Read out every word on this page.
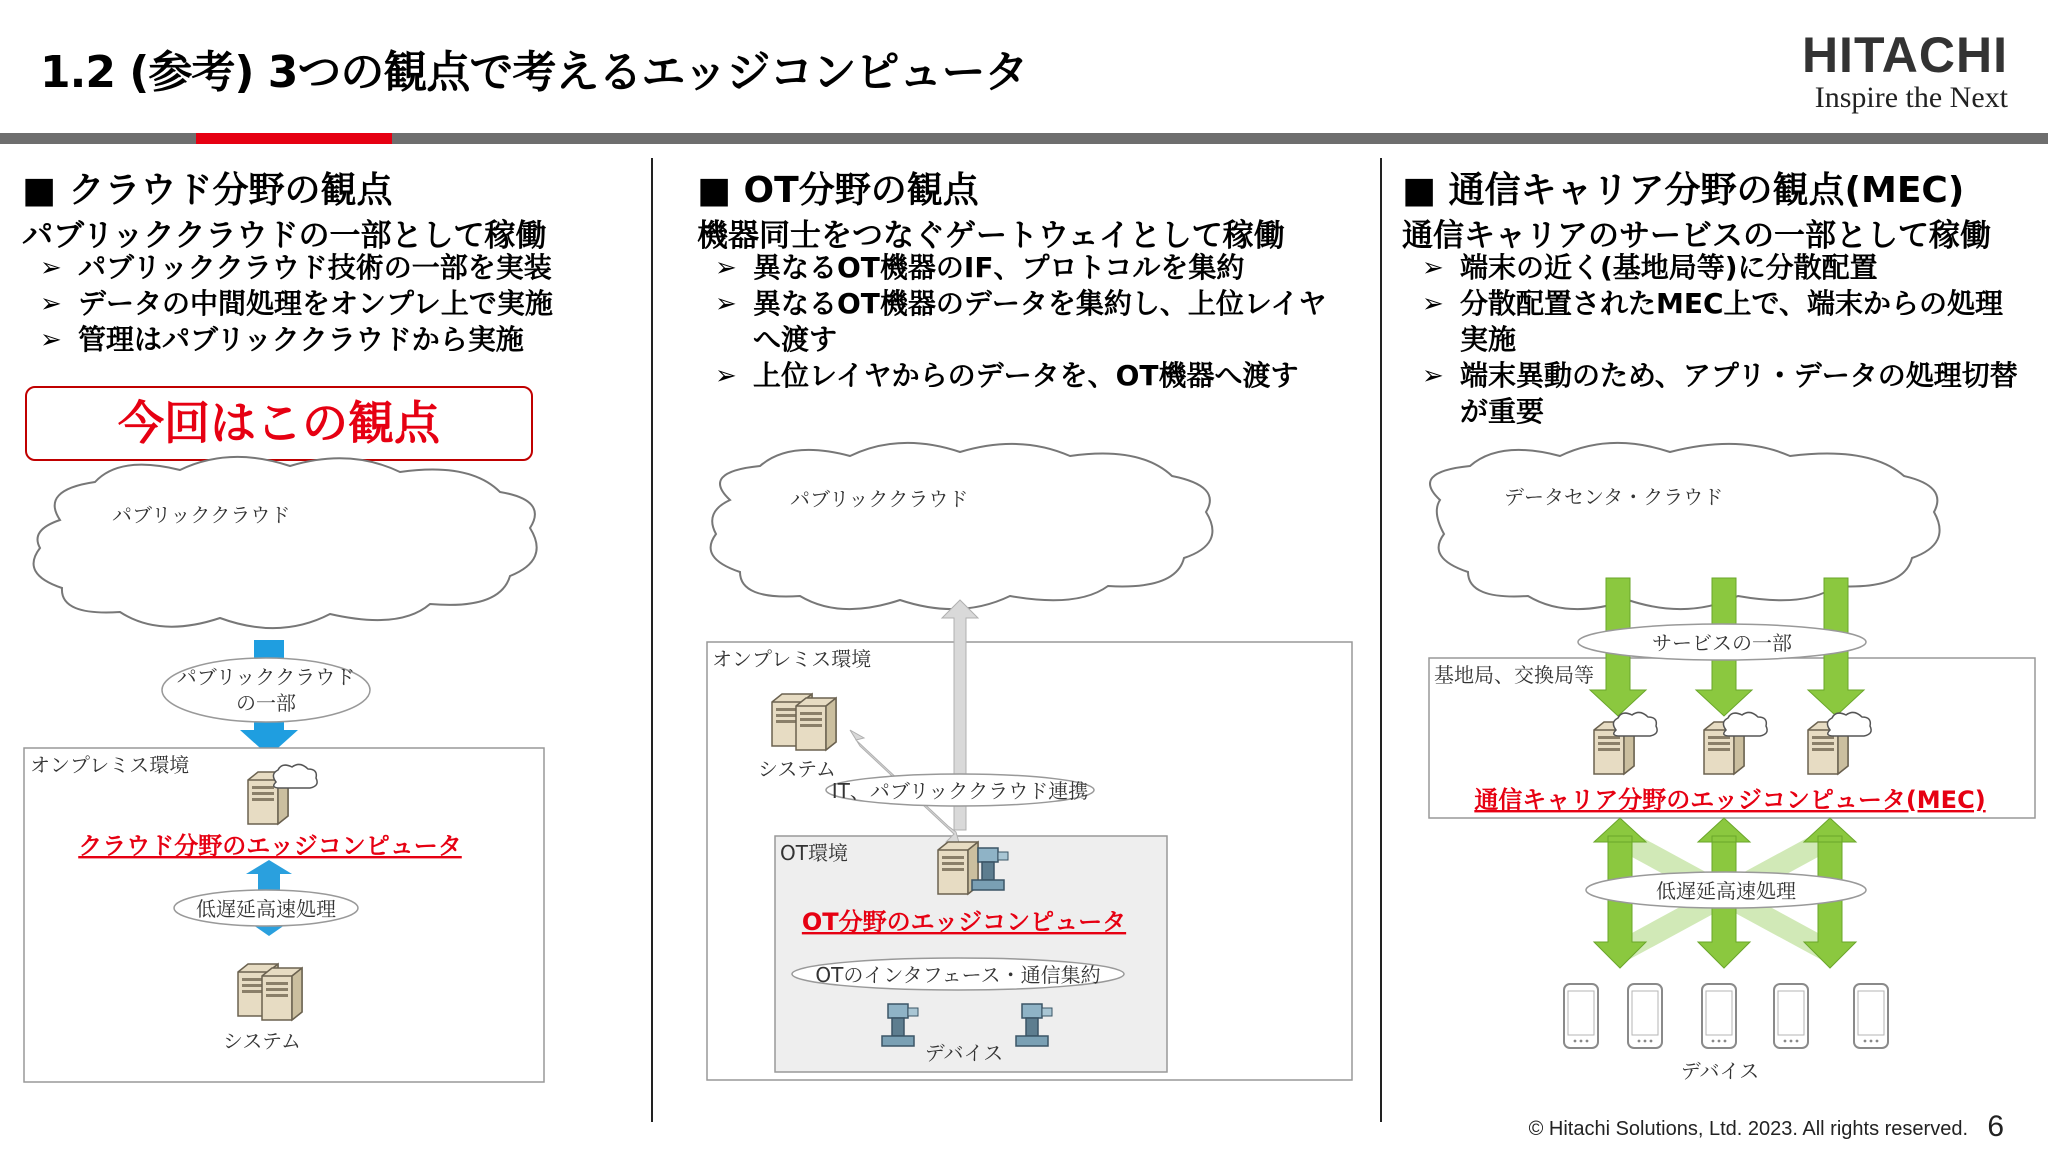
1.2 (参考) 3つの観点で考えるエッジコンピュータ	HITACHI
Inspire the Next
■ クラウド分野の観点
パブリッククラウドの一部として稼働
➢ パブリッククラウド技術の一部を実装
➢ データの中間処理をオンプレ上で実施
➢ 管理はパブリッククラウドから実施
今回はこの観点
■ OT分野の観点
機器同士をつなぐゲートウェイとして稼働
➢ 異なるOT機器のIF、プロトコルを集約
➢ 異なるOT機器のデータを集約し、上位レイヤ
へ渡す
➢ 上位レイヤからのデータを、OT機器へ渡す
■ 通信キャリア分野の観点(MEC)
通信キャリアのサービスの一部として稼働
➢ 端末の近く(基地局等)に分散配置
➢ 分散配置されたMEC上で、端末からの処理
実施
➢ 端末異動のため、アプリ・データの処理切替
が重要
パブリッククラウド
パブリッククラウド
の一部
オンプレミス環境
クラウド分野のエッジコンピュータ
低遅延高速処理
システム
パブリッククラウド
オンプレミス環境
OT環境
システム
IT、パブリッククラウド連携
OT分野のエッジコンピュータ
OTのインタフェース・通信集約
デバイス
データセンタ・クラウド
基地局、交換局等
サービスの一部
通信キャリア分野のエッジコンピュータ(MEC)
低遅延高速処理
デバイス
© Hitachi Solutions, Ltd. 2023. All rights reserved. 6
